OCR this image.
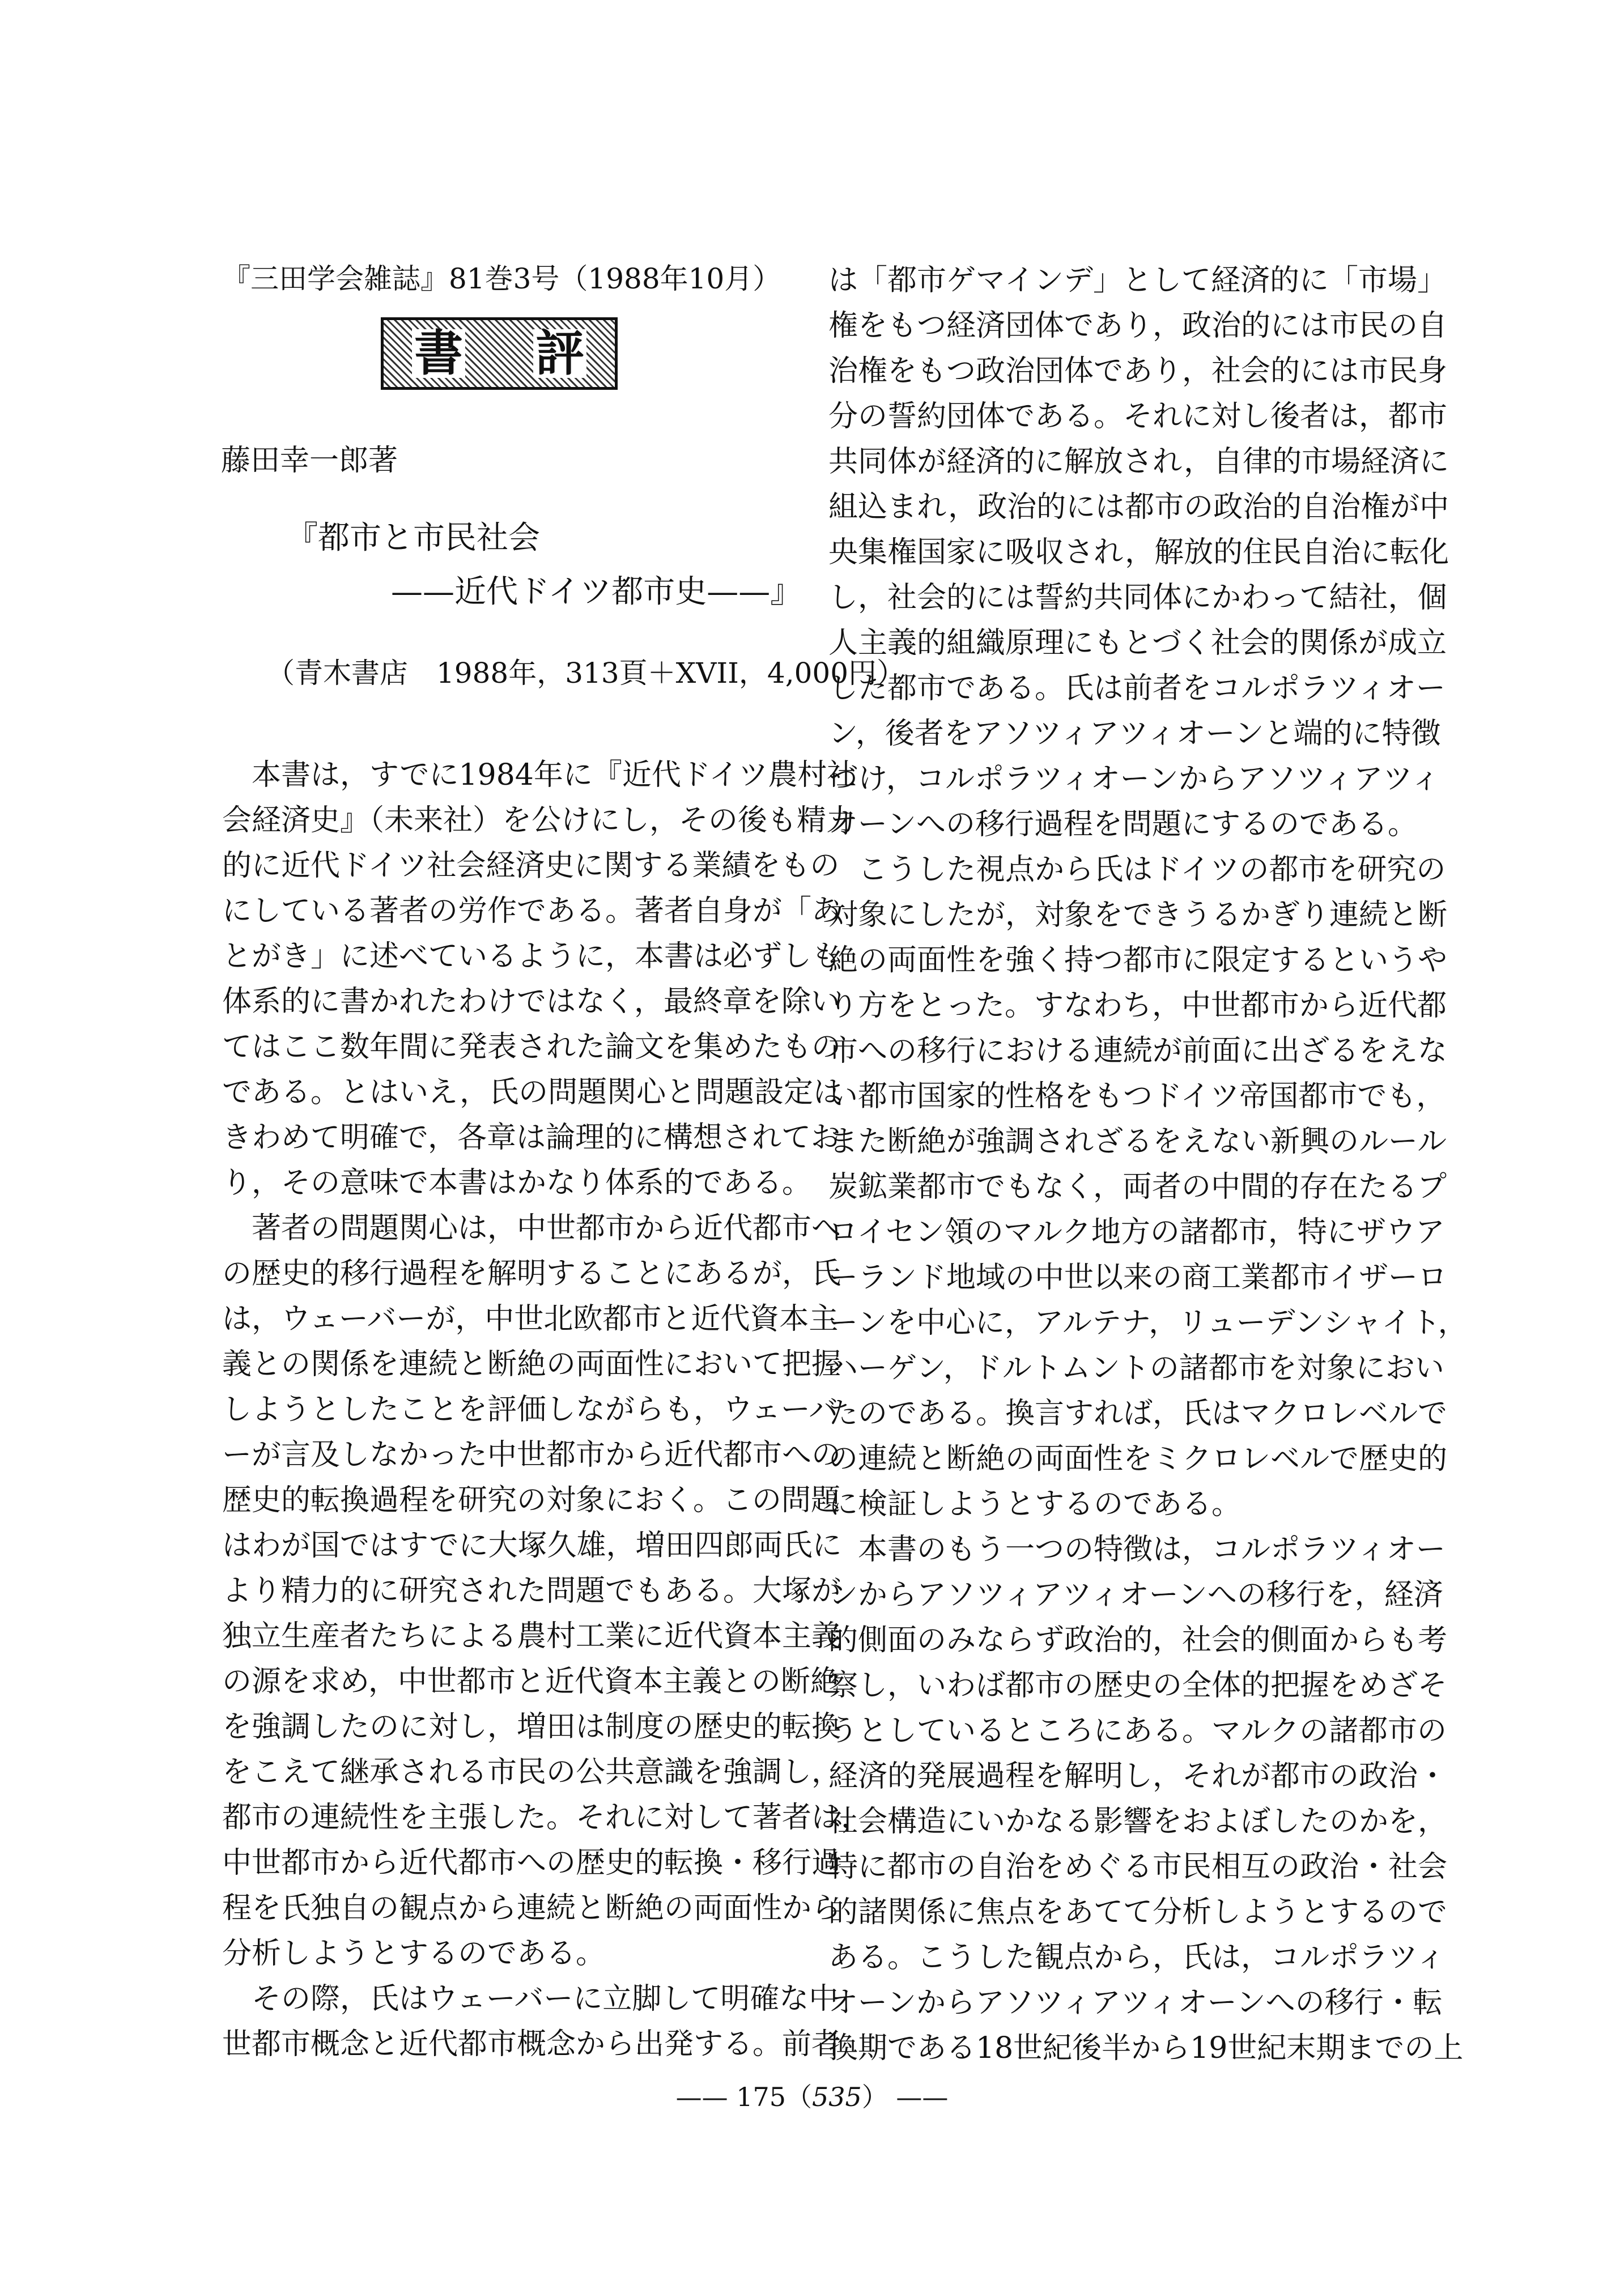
『三田学会雑誌』81巻3号（1988年10月）
書 評
藤田幸一郎著
『都市と市民社会
——近代ドイツ都市史——』
（青木書店　1988年，313頁＋XVII，4,000円）
　本書は，すでに1984年に『近代ドイツ農村社
会経済史』（未来社）を公けにし，その後も精力
的に近代ドイツ社会経済史に関する業績をもの
にしている著者の労作である。著者自身が「あ
とがき」に述べているように，本書は必ずしも
体系的に書かれたわけではなく，最終章を除い
てはここ数年間に発表された論文を集めたもの
である。とはいえ，氏の問題関心と問題設定は
きわめて明確で，各章は論理的に構想されてお
り，その意味で本書はかなり体系的である。
　著者の問題関心は，中世都市から近代都市へ
の歴史的移行過程を解明することにあるが，氏
は，ウェーバーが，中世北欧都市と近代資本主
義との関係を連続と断絶の両面性において把握
しようとしたことを評価しながらも，ウェーバ
ーが言及しなかった中世都市から近代都市への
歴史的転換過程を研究の対象におく。この問題
はわが国ではすでに大塚久雄，増田四郎両氏に
より精力的に研究された問題でもある。大塚が
独立生産者たちによる農村工業に近代資本主義
の源を求め，中世都市と近代資本主義との断絶
を強調したのに対し，増田は制度の歴史的転換
をこえて継承される市民の公共意識を強調し，
都市の連続性を主張した。それに対して著者は，
中世都市から近代都市への歴史的転換・移行過
程を氏独自の観点から連続と断絶の両面性から
分析しようとするのである。
　その際，氏はウェーバーに立脚して明確な中
世都市概念と近代都市概念から出発する。前者
は「都市ゲマインデ」として経済的に「市場」
権をもつ経済団体であり，政治的には市民の自
治権をもつ政治団体であり，社会的には市民身
分の誓約団体である。それに対し後者は，都市
共同体が経済的に解放され，自律的市場経済に
組込まれ，政治的には都市の政治的自治権が中
央集権国家に吸収され，解放的住民自治に転化
し，社会的には誓約共同体にかわって結社，個
人主義的組織原理にもとづく社会的関係が成立
した都市である。氏は前者をコルポラツィオー
ン，後者をアソツィアツィオーンと端的に特徴
づけ，コルポラツィオーンからアソツィアツィ
オーンへの移行過程を問題にするのである。
　こうした視点から氏はドイツの都市を研究の
対象にしたが，対象をできうるかぎり連続と断
絶の両面性を強く持つ都市に限定するというや
り方をとった。すなわち，中世都市から近代都
市への移行における連続が前面に出ざるをえな
い都市国家的性格をもつドイツ帝国都市でも，
また断絶が強調されざるをえない新興のルール
炭鉱業都市でもなく，両者の中間的存在たるプ
ロイセン領のマルク地方の諸都市，特にザウア
ーランド地域の中世以来の商工業都市イザーロ
ーンを中心に，アルテナ，リューデンシャイト，
ハーゲン，ドルトムントの諸都市を対象におい
たのである。換言すれば，氏はマクロレベルで
の連続と断絶の両面性をミクロレベルで歴史的
に検証しようとするのである。
　本書のもう一つの特徴は，コルポラツィオー
ンからアソツィアツィオーンへの移行を，経済
的側面のみならず政治的，社会的側面からも考
察し，いわば都市の歴史の全体的把握をめざそ
うとしているところにある。マルクの諸都市の
経済的発展過程を解明し，それが都市の政治・
社会構造にいかなる影響をおよぼしたのかを，
特に都市の自治をめぐる市民相互の政治・社会
的諸関係に焦点をあてて分析しようとするので
ある。こうした観点から，氏は，コルポラツィ
オーンからアソツィアツィオーンへの移行・転
換期である18世紀後半から19世紀末期までの上
—— 175（535） ——
